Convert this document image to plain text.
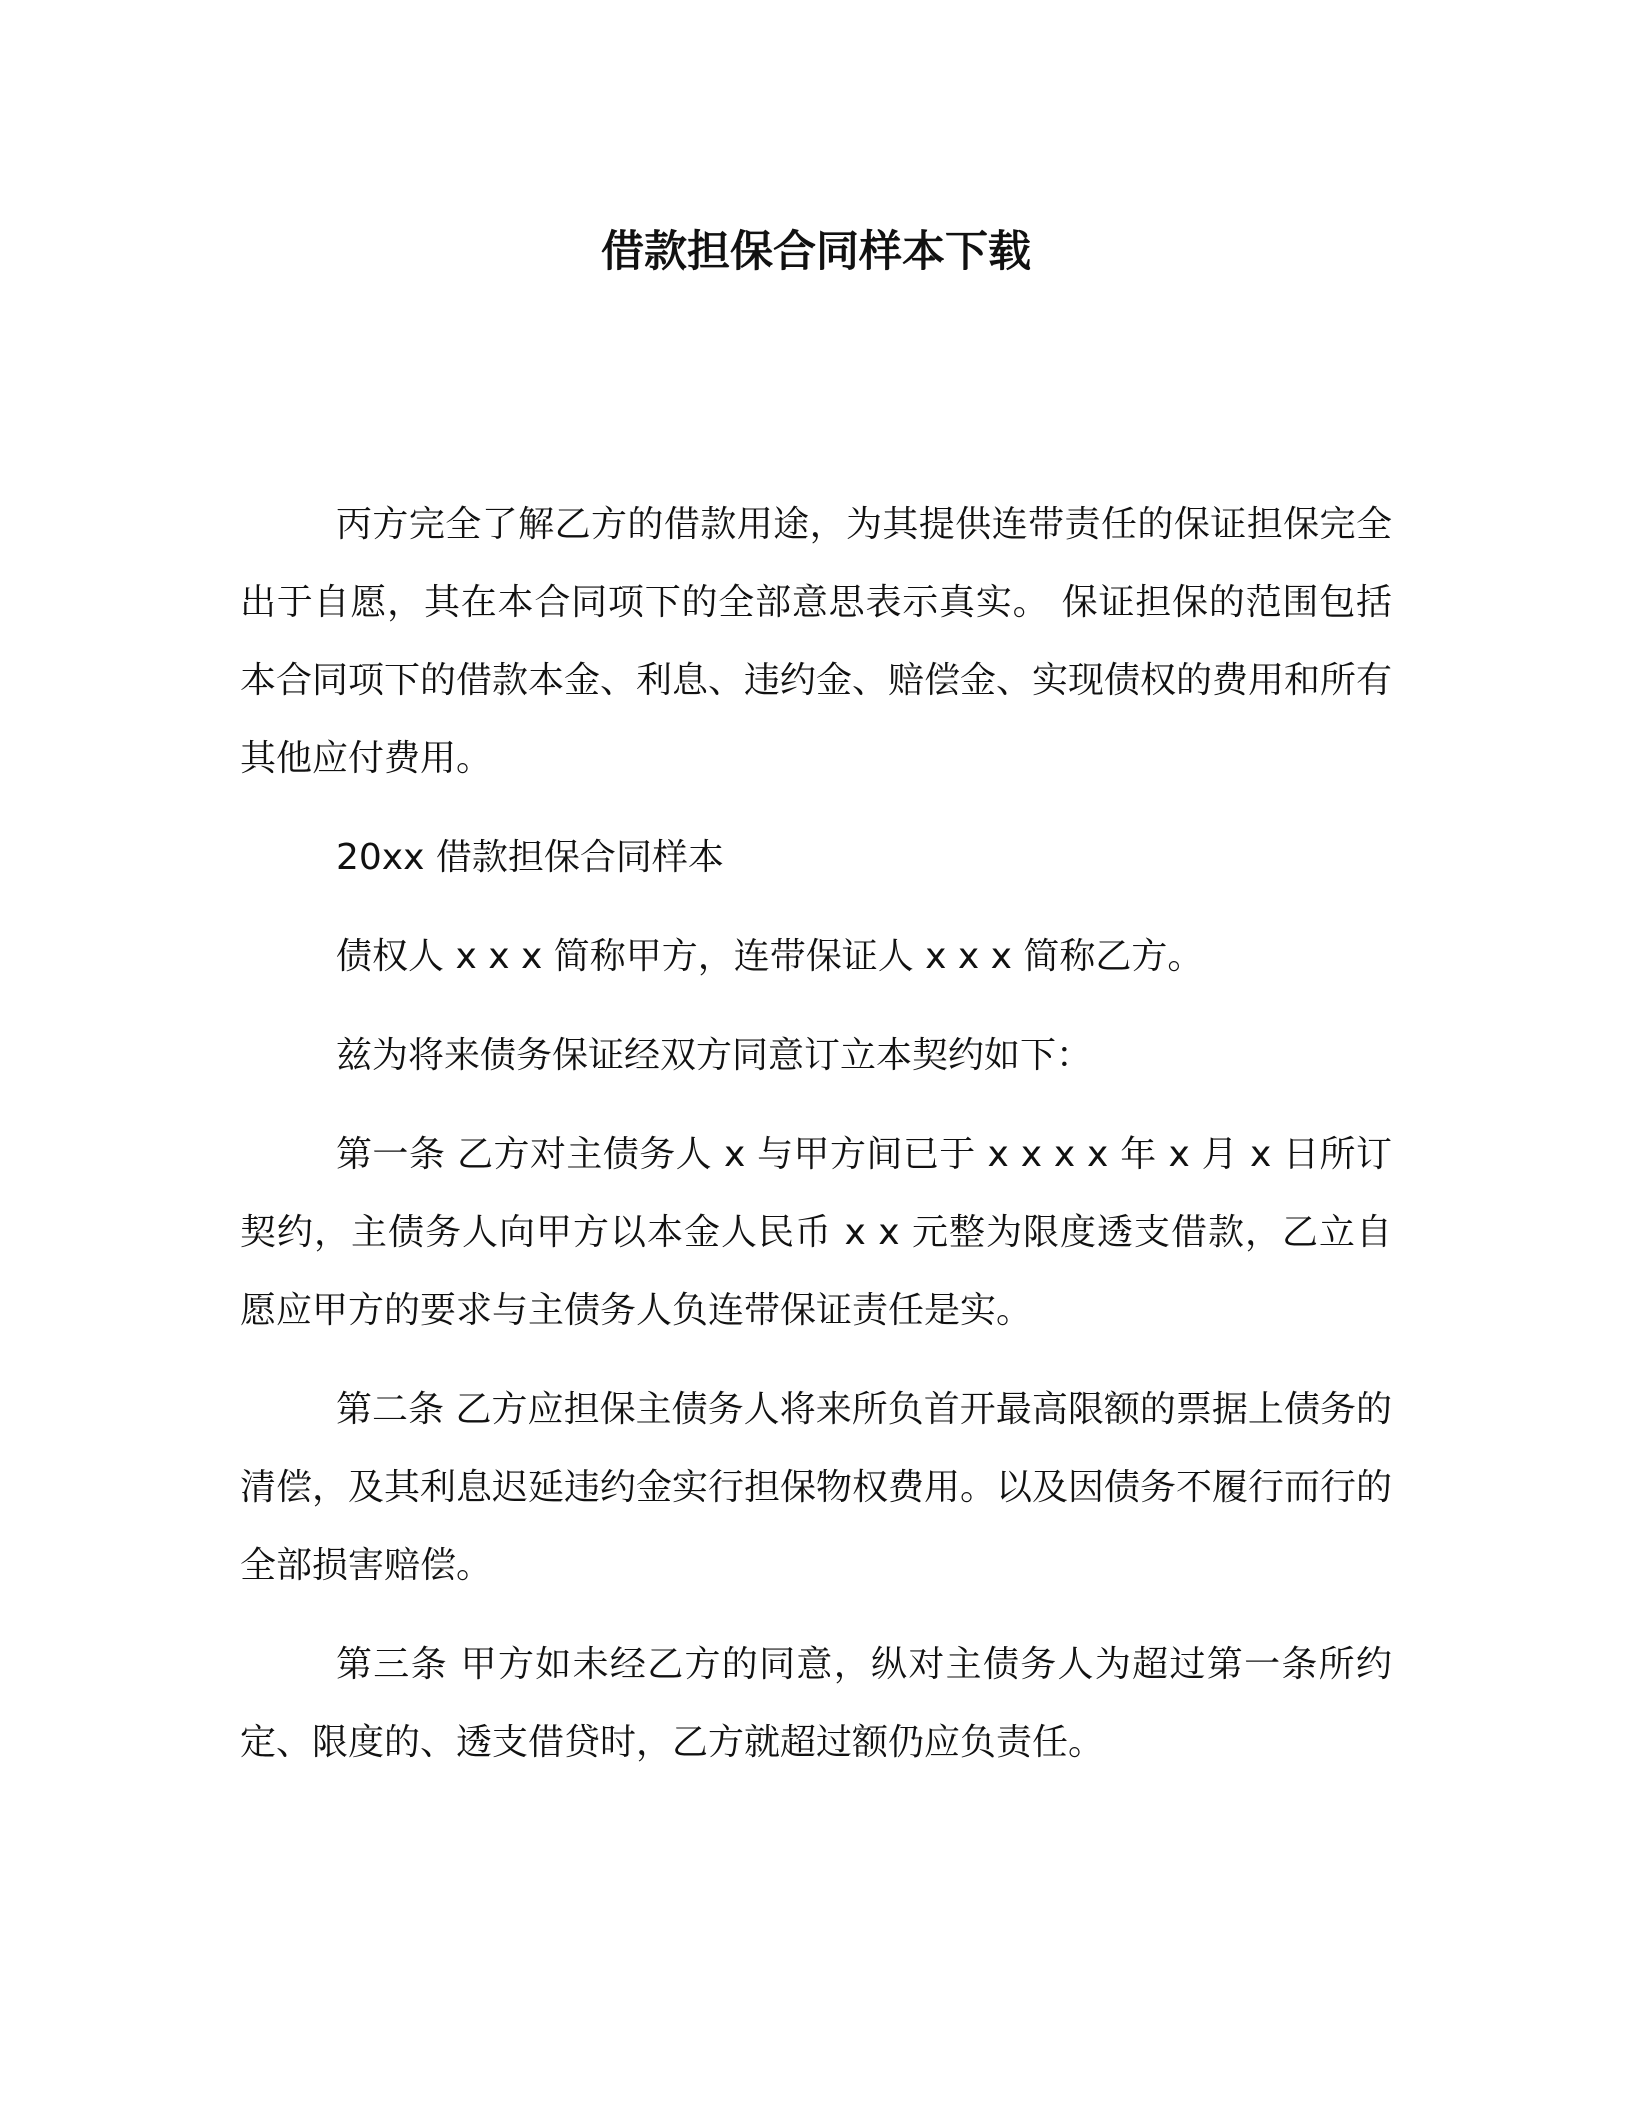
借款担保合同样本下载

丙方完全了解乙方的借款用途，为其提供连带责任的保证担保完全出于自愿，其在本合同项下的全部意思表示真实。 保证担保的范围包括本合同项下的借款本金、利息、违约金、赔偿金、实现债权的费用和所有其他应付费用。

20xx 借款担保合同样本

债权人 x x x 简称甲方，连带保证人 x x x 简称乙方。

兹为将来债务保证经双方同意订立本契约如下：

第一条 乙方对主债务人 x 与甲方间已于 x x x x 年 x 月 x 日所订契约，主债务人向甲方以本金人民币 x x 元整为限度透支借款，乙立自愿应甲方的要求与主债务人负连带保证责任是实。

第二条 乙方应担保主债务人将来所负首开最高限额的票据上债务的清偿，及其利息迟延违约金实行担保物权费用。以及因债务不履行而行的全部损害赔偿。

第三条 甲方如未经乙方的同意，纵对主债务人为超过第一条所约定、限度的、透支借贷时，乙方就超过额仍应负责任。
